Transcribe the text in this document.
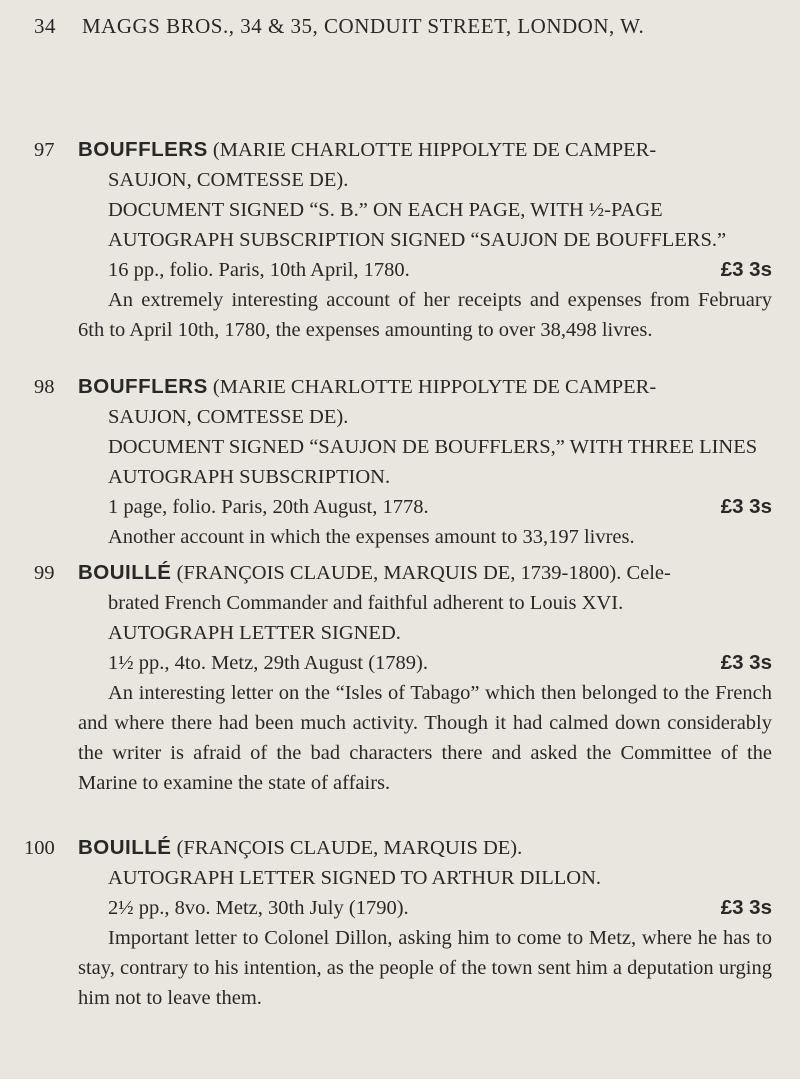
34 MAGGS BROS., 34 & 35, CONDUIT STREET, LONDON, W.
97	BOUFFLERS (MARIE CHARLOTTE HIPPOLYTE DE CAMPER-
SAUJON, COMTESSE DE).
DOCUMENT SIGNED “S. B.” ON EACH PAGE, WITH ½-PAGE AUTOGRAPH SUBSCRIPTION SIGNED “SAUJON DE BOUFFLERS.”
16 pp., folio. Paris, 10th April, 1780.	£3 3s
An extremely interesting account of her receipts and expenses from February 6th to April 10th, 1780, the expenses amounting to over 38,498 livres.
98	BOUFFLERS (MARIE CHARLOTTE HIPPOLYTE DE CAMPER-
SAUJON, COMTESSE DE).
DOCUMENT SIGNED “SAUJON DE BOUFFLERS,” WITH THREE LINES AUTOGRAPH SUBSCRIPTION.
1 page, folio. Paris, 20th August, 1778.	£3 3s
Another account in which the expenses amount to 33,197 livres.
99	BOUILLÉ (FRANÇOIS CLAUDE, MARQUIS DE, 1739-1800). Cele-
brated French Commander and faithful adherent to Louis XVI.
AUTOGRAPH LETTER SIGNED.
1½ pp., 4to. Metz, 29th August (1789).	£3 3s
An interesting letter on the “Isles of Tabago” which then belonged to the French and where there had been much activity. Though it had calmed down considerably the writer is afraid of the bad characters there and asked the Committee of the Marine to examine the state of affairs.
100 BOUILLÉ (FRANÇOIS CLAUDE, MARQUIS DE).
AUTOGRAPH LETTER SIGNED TO ARTHUR DILLON.
2½ pp., 8vo. Metz, 30th July (1790).	£3 3s
Important letter to Colonel Dillon, asking him to come to Metz, where he has to stay, contrary to his intention, as the people of the town sent him a deputation urging him not to leave them.
